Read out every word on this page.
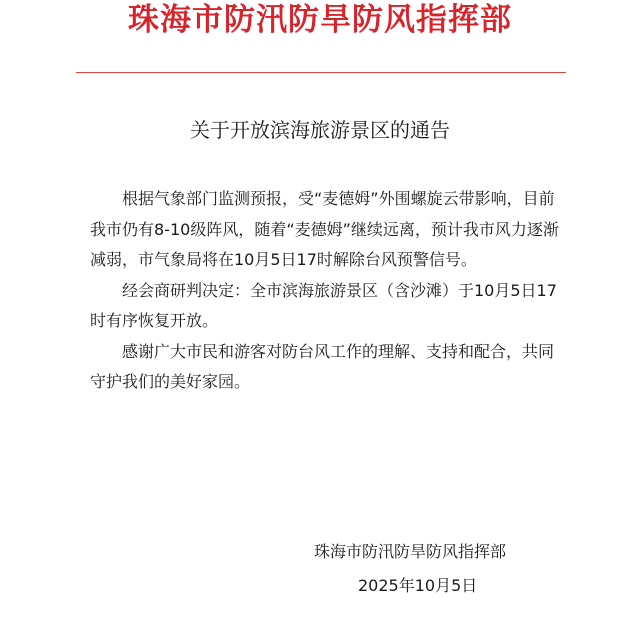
珠海市防汛防旱防风指挥部
关于开放滨海旅游景区的通告

根据气象部门监测预报，受“麦德姆”外围螺旋云带影响，目前我市仍有8-10级阵风，随着“麦德姆”继续远离，预计我市风力逐渐减弱，市气象局将在10月5日17时解除台风预警信号。

经会商研判决定：全市滨海旅游景区（含沙滩）于10月5日17时有序恢复开放。

感谢广大市民和游客对防台风工作的理解、支持和配合，共同守护我们的美好家园。

珠海市防汛防旱防风指挥部
2025年10月5日
